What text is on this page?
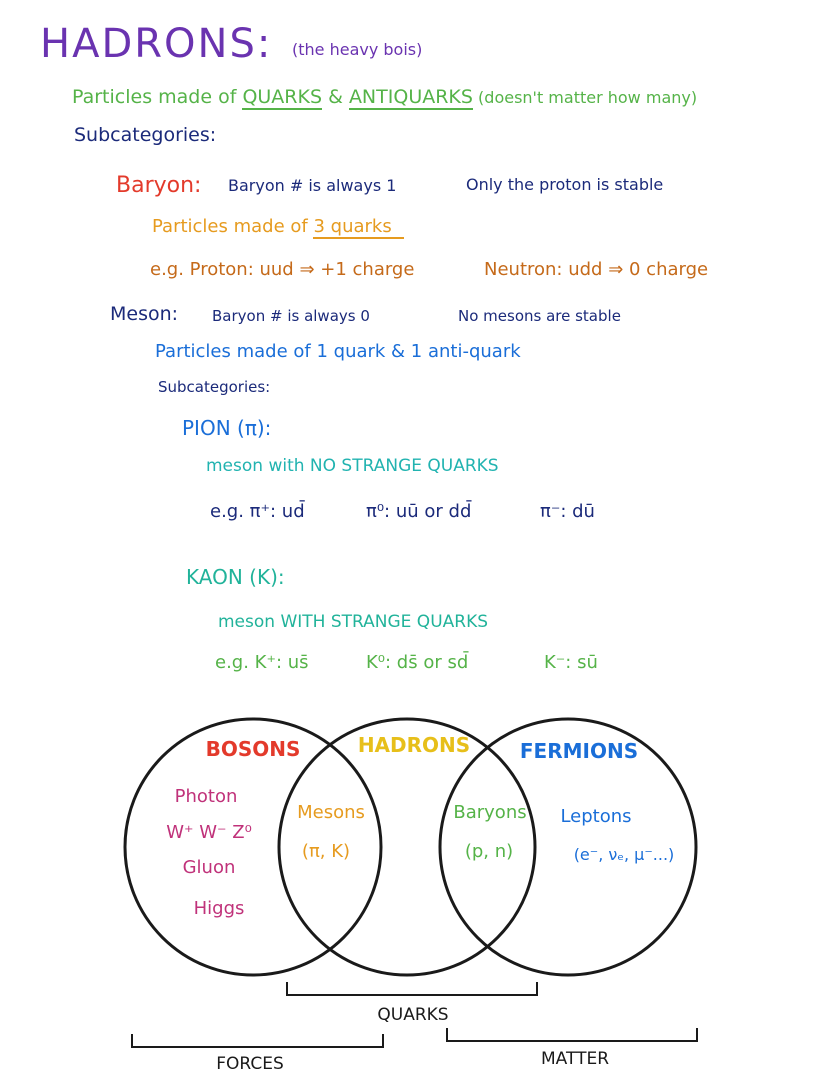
HADRONS: (the heavy bois)
Particles made of QUARKS & ANTIQUARKS (doesn't matter how many)
Subcategories:
Baryon: Baryon # is always 1	Only the proton is stable
Particles made of 3 quarks
e.g. Proton: uud ⇒ +1 charge	Neutron: udd ⇒ 0 charge
Meson: Baryon # is always 0	No mesons are stable
Particles made of 1 quark & 1 anti-quark
Subcategories:
PION (π):
meson with NO STRANGE QUARKS
e.g. π⁺: ud̄	π⁰: uū or dd̄	π⁻: dū
KAON (K):
meson WITH STRANGE QUARKS
e.g. K⁺: us̄	K⁰: ds̄ or sd̄	K⁻: sū
BOSONS	HADRONS FERMIONS
Photon
W⁺ W⁻ Z⁰
Gluon
Higgs
Mesons
(π, K)
Baryons
(p, n)
Leptons
(e⁻, νₑ, μ⁻...)
QUARKS
FORCES	MATTER
